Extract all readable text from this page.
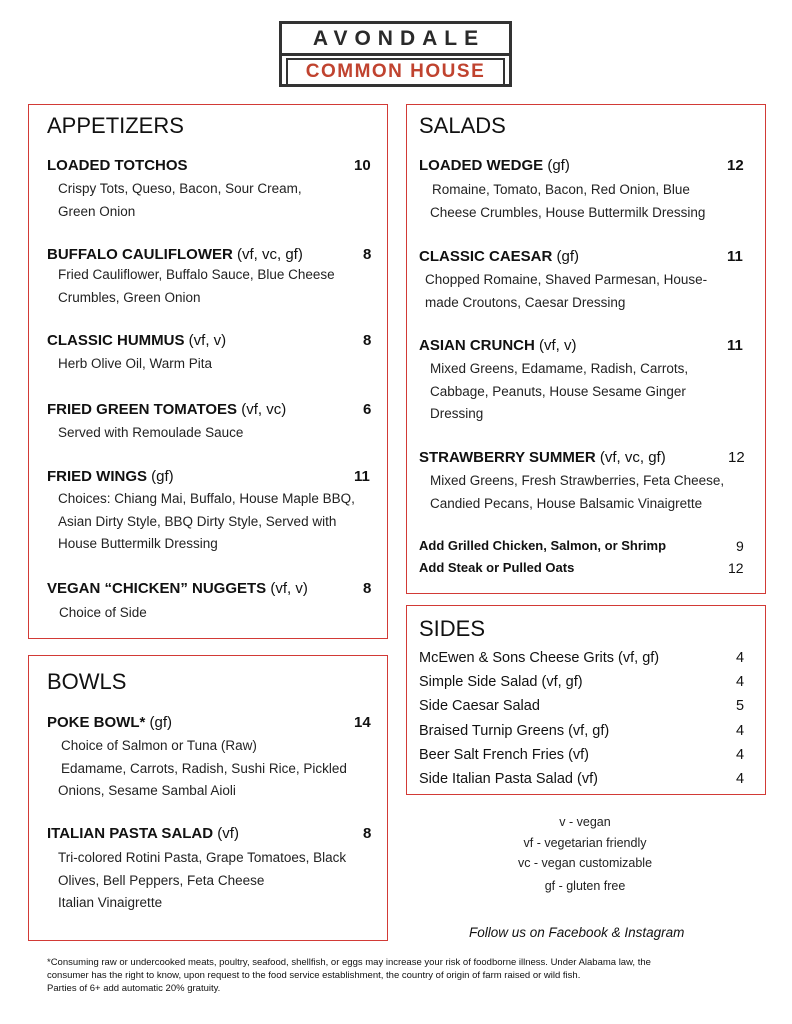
AVONDALE
COMMON HOUSE
APPETIZERS
LOADED TOTCHOS	10
Crispy Tots, Queso, Bacon, Sour Cream,
Green Onion
BUFFALO CAULIFLOWER (vf, vc, gf)	8
Fried Cauliflower, Buffalo Sauce, Blue Cheese
Crumbles, Green Onion
CLASSIC HUMMUS (vf, v)	8
Herb Olive Oil, Warm Pita
FRIED GREEN TOMATOES (vf, vc)	6
Served with Remoulade Sauce
FRIED WINGS (gf)	11
Choices: Chiang Mai, Buffalo, House Maple BBQ,
Asian Dirty Style, BBQ Dirty Style, Served with
House Buttermilk Dressing
VEGAN “CHICKEN” NUGGETS (vf, v)	8
Choice of Side
BOWLS
POKE BOWL* (gf)	14
Choice of Salmon or Tuna (Raw)
Edamame, Carrots, Radish, Sushi Rice, Pickled
Onions, Sesame Sambal Aioli
ITALIAN PASTA SALAD (vf)	8
Tri-colored Rotini Pasta, Grape Tomatoes, Black
Olives, Bell Peppers, Feta Cheese
Italian Vinaigrette
SALADS
LOADED WEDGE (gf)	12
Romaine, Tomato, Bacon, Red Onion, Blue
Cheese Crumbles, House Buttermilk Dressing
CLASSIC CAESAR (gf)	11
Chopped Romaine, Shaved Parmesan, House-
made Croutons, Caesar Dressing
ASIAN CRUNCH (vf, v)	11
Mixed Greens, Edamame, Radish, Carrots,
Cabbage, Peanuts, House Sesame Ginger
Dressing
STRAWBERRY SUMMER (vf, vc, gf)	12
Mixed Greens, Fresh Strawberries, Feta Cheese,
Candied Pecans, House Balsamic Vinaigrette
Add Grilled Chicken, Salmon, or Shrimp	9
Add Steak or Pulled Oats	12
SIDES
McEwen & Sons Cheese Grits (vf, gf)	4
Simple Side Salad (vf, gf)	4
Side Caesar Salad	5
Braised Turnip Greens (vf, gf)	4
Beer Salt French Fries (vf)	4
Side Italian Pasta Salad (vf)	4
v - vegan
vf - vegetarian friendly
vc - vegan customizable
gf - gluten free
Follow us on Facebook & Instagram
*Consuming raw or undercooked meats, poultry, seafood, shellfish, or eggs may increase your risk of foodborne illness. Under Alabama law, the
consumer has the right to know, upon request to the food service establishment, the country of origin of farm raised or wild fish.
Parties of 6+ add automatic 20% gratuity.
